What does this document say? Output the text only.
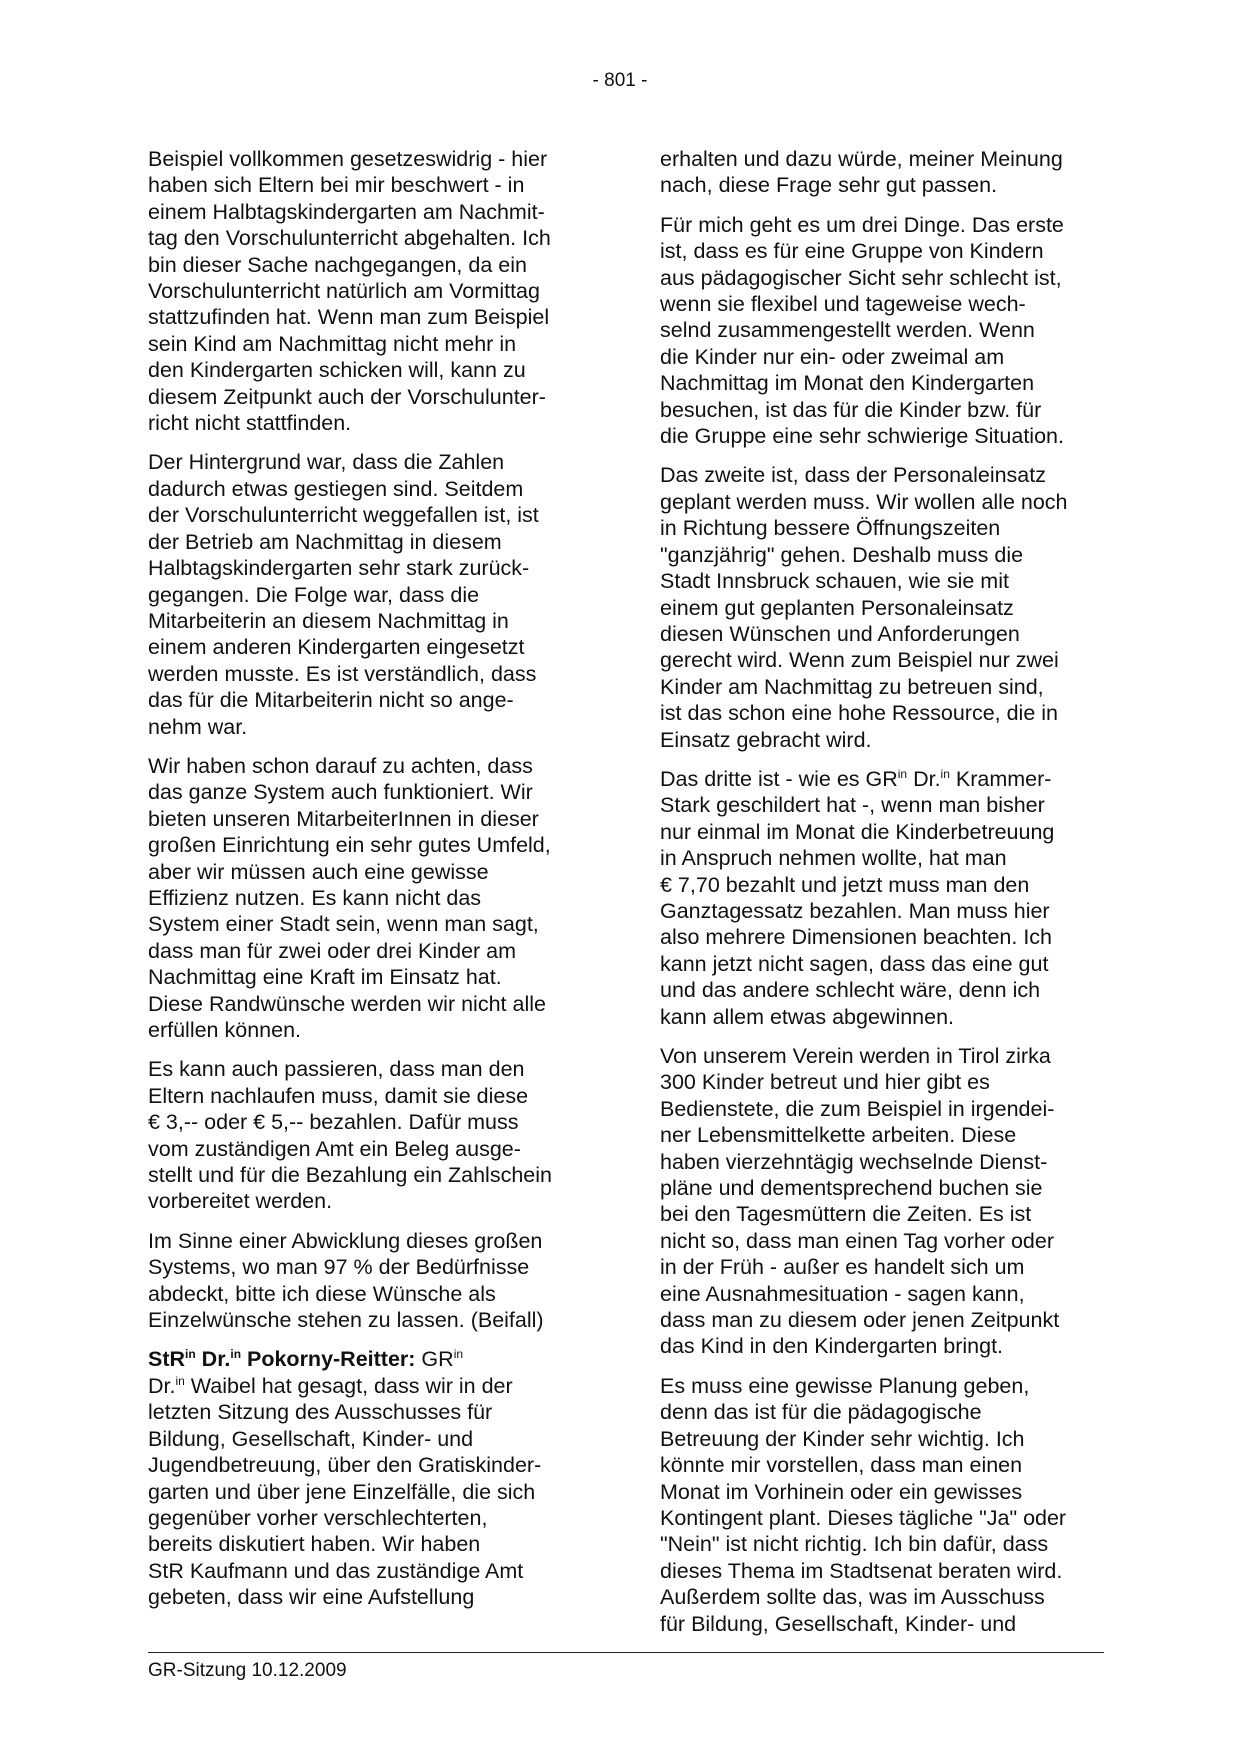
- 801 -

Beispiel vollkommen gesetzeswidrig - hier
haben sich Eltern bei mir beschwert - in
einem Halbtagskindergarten am Nachmit-
tag den Vorschulunterricht abgehalten. Ich
bin dieser Sache nachgegangen, da ein
Vorschulunterricht natürlich am Vormittag
stattzufinden hat. Wenn man zum Beispiel
sein Kind am Nachmittag nicht mehr in
den Kindergarten schicken will, kann zu
diesem Zeitpunkt auch der Vorschulunter-
richt nicht stattfinden.

Der Hintergrund war, dass die Zahlen
dadurch etwas gestiegen sind. Seitdem
der Vorschulunterricht weggefallen ist, ist
der Betrieb am Nachmittag in diesem
Halbtagskindergarten sehr stark zurück-
gegangen. Die Folge war, dass die
Mitarbeiterin an diesem Nachmittag in
einem anderen Kindergarten eingesetzt
werden musste. Es ist verständlich, dass
das für die Mitarbeiterin nicht so ange-
nehm war.

Wir haben schon darauf zu achten, dass
das ganze System auch funktioniert. Wir
bieten unseren MitarbeiterInnen in dieser
großen Einrichtung ein sehr gutes Umfeld,
aber wir müssen auch eine gewisse
Effizienz nutzen. Es kann nicht das
System einer Stadt sein, wenn man sagt,
dass man für zwei oder drei Kinder am
Nachmittag eine Kraft im Einsatz hat.
Diese Randwünsche werden wir nicht alle
erfüllen können.

Es kann auch passieren, dass man den
Eltern nachlaufen muss, damit sie diese
€ 3,-- oder € 5,-- bezahlen. Dafür muss
vom zuständigen Amt ein Beleg ausge-
stellt und für die Bezahlung ein Zahlschein
vorbereitet werden.

Im Sinne einer Abwicklung dieses großen
Systems, wo man 97 % der Bedürfnisse
abdeckt, bitte ich diese Wünsche als
Einzelwünsche stehen zu lassen. (Beifall)

StR$^{in}$ Dr.$^{in}$ Pokorny-Reitter: $GR^{in}$
Dr.$^{in}$ Waibel hat gesagt, dass wir in der
letzten Sitzung des Ausschusses für
Bildung, Gesellschaft, Kinder- und
Jugendbetreuung, über den Gratiskinder-
garten und über jene Einzelfälle, die sich
gegenüber vorher verschlechterten,
bereits diskutiert haben. Wir haben
StR Kaufmann und das zuständige Amt
gebeten, dass wir eine Aufstellung

erhalten und dazu würde, meiner Meinung
nach, diese Frage sehr gut passen.

Für mich geht es um drei Dinge. Das erste
ist, dass es für eine Gruppe von Kindern
aus pädagogischer Sicht sehr schlecht ist,
wenn sie flexibel und tageweise wech-
selnd zusammengestellt werden. Wenn
die Kinder nur ein- oder zweimal am
Nachmittag im Monat den Kindergarten
besuchen, ist das für die Kinder bzw. für
die Gruppe eine sehr schwierige Situation.

Das zweite ist, dass der Personaleinsatz
geplant werden muss. Wir wollen alle noch
in Richtung bessere Öffnungszeiten
"ganzjährig" gehen. Deshalb muss die
Stadt Innsbruck schauen, wie sie mit
einem gut geplanten Personaleinsatz
diesen Wünschen und Anforderungen
gerecht wird. Wenn zum Beispiel nur zwei
Kinder am Nachmittag zu betreuen sind,
ist das schon eine hohe Ressource, die in
Einsatz gebracht wird.

Das dritte ist - wie es $GR^{in}$ Dr.$^{in}$ Krammer-
Stark geschildert hat -, wenn man bisher
nur einmal im Monat die Kinderbetreuung
in Anspruch nehmen wollte, hat man
€ 7,70 bezahlt und jetzt muss man den
Ganztagessatz bezahlen. Man muss hier
also mehrere Dimensionen beachten. Ich
kann jetzt nicht sagen, dass das eine gut
und das andere schlecht wäre, denn ich
kann allem etwas abgewinnen.

Von unserem Verein werden in Tirol zirka
300 Kinder betreut und hier gibt es
Bedienstete, die zum Beispiel in irgendei-
ner Lebensmittelkette arbeiten. Diese
haben vierzehntägig wechselnde Dienst-
pläne und dementsprechend buchen sie
bei den Tagesmüttern die Zeiten. Es ist
nicht so, dass man einen Tag vorher oder
in der Früh - außer es handelt sich um
eine Ausnahmesituation - sagen kann,
dass man zu diesem oder jenen Zeitpunkt
das Kind in den Kindergarten bringt.

Es muss eine gewisse Planung geben,
denn das ist für die pädagogische
Betreuung der Kinder sehr wichtig. Ich
könnte mir vorstellen, dass man einen
Monat im Vorhinein oder ein gewisses
Kontingent plant. Dieses tägliche "Ja" oder
"Nein" ist nicht richtig. Ich bin dafür, dass
dieses Thema im Stadtsenat beraten wird.
Außerdem sollte das, was im Ausschuss
für Bildung, Gesellschaft, Kinder- und

GR-Sitzung 10.12.2009
